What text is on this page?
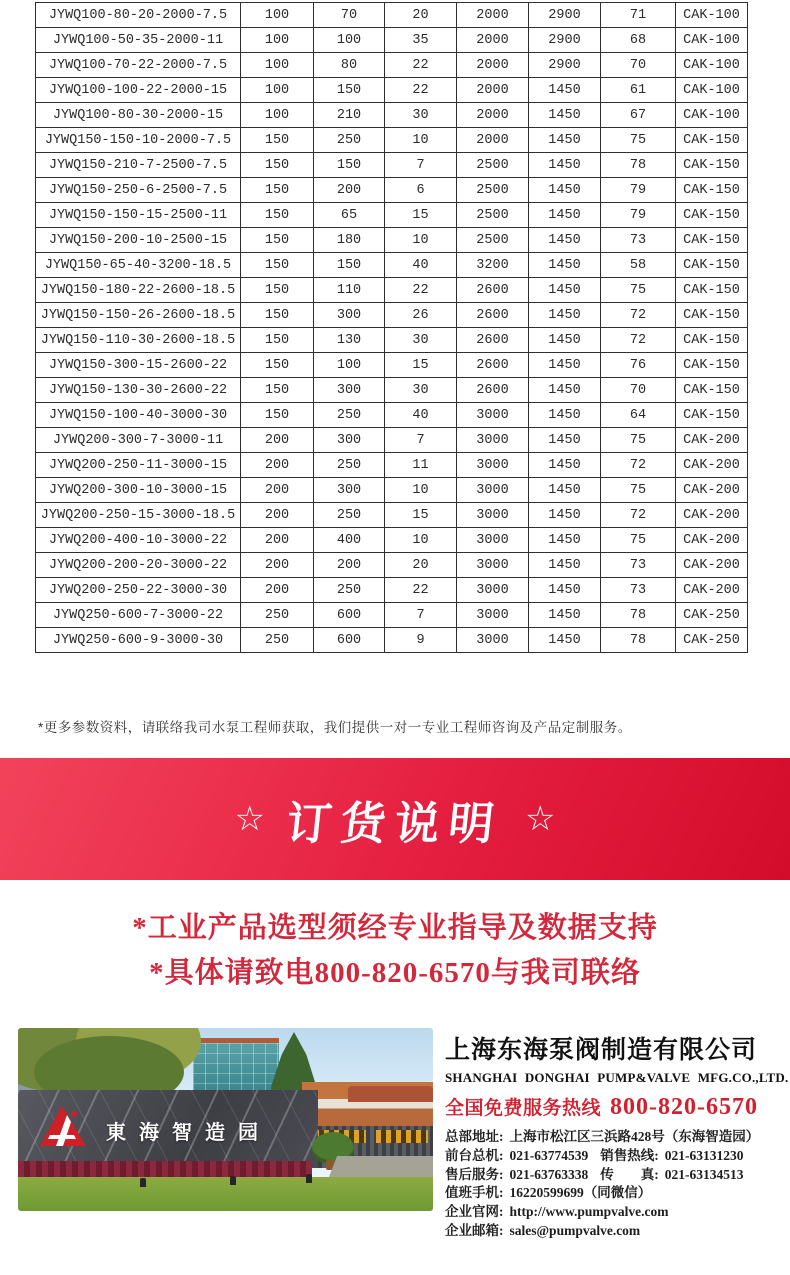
JYWQ100-80-20-2000-7.5	100	70	20	2000	2900	71	CAK-100
JYWQ100-50-35-2000-11	100	100	35	2000	2900	68	CAK-100
JYWQ100-70-22-2000-7.5	100	80	22	2000	2900	70	CAK-100
JYWQ100-100-22-2000-15	100	150	22	2000	1450	61	CAK-100
JYWQ100-80-30-2000-15	100	210	30	2000	1450	67	CAK-100
JYWQ150-150-10-2000-7.5	150	250	10	2000	1450	75	CAK-150
JYWQ150-210-7-2500-7.5	150	150	7	2500	1450	78	CAK-150
JYWQ150-250-6-2500-7.5	150	200	6	2500	1450	79	CAK-150
JYWQ150-150-15-2500-11	150	65	15	2500	1450	79	CAK-150
JYWQ150-200-10-2500-15	150	180	10	2500	1450	73	CAK-150
JYWQ150-65-40-3200-18.5	150	150	40	3200	1450	58	CAK-150
JYWQ150-180-22-2600-18.5	150	110	22	2600	1450	75	CAK-150
JYWQ150-150-26-2600-18.5	150	300	26	2600	1450	72	CAK-150
JYWQ150-110-30-2600-18.5	150	130	30	2600	1450	72	CAK-150
JYWQ150-300-15-2600-22	150	100	15	2600	1450	76	CAK-150
JYWQ150-130-30-2600-22	150	300	30	2600	1450	70	CAK-150
JYWQ150-100-40-3000-30	150	250	40	3000	1450	64	CAK-150
JYWQ200-300-7-3000-11	200	300	7	3000	1450	75	CAK-200
JYWQ200-250-11-3000-15	200	250	11	3000	1450	72	CAK-200
JYWQ200-300-10-3000-15	200	300	10	3000	1450	75	CAK-200
JYWQ200-250-15-3000-18.5	200	250	15	3000	1450	72	CAK-200
JYWQ200-400-10-3000-22	200	400	10	3000	1450	75	CAK-200
JYWQ200-200-20-3000-22	200	200	20	3000	1450	73	CAK-200
JYWQ200-250-22-3000-30	200	250	22	3000	1450	73	CAK-200
JYWQ250-600-7-3000-22	250	600	7	3000	1450	78	CAK-250
JYWQ250-600-9-3000-30	250	600	9	3000	1450	78	CAK-250

*更多参数资料，请联络我司水泵工程师获取，我们提供一对一专业工程师咨询及产品定制服务。

☆ 订货说明 ☆
*工业产品选型须经专业指导及数据支持
*具体请致电800-820-6570与我司联络
東海智造园
上海东海泵阀制造有限公司
SHANGHAI DONGHAI PUMP&VALVE MFG.CO.,LTD.
全国免费服务热线 800-820-6570
总部地址: 上海市松江区三浜路428号（东海智造园）
前台总机: 021-63774539 销售热线: 021-63131230
售后服务: 021-63763338 传　　真: 021-63134513
值班手机: 16220599699（同微信）
企业官网: http://www.pumpvalve.com
企业邮箱: sales@pumpvalve.com
